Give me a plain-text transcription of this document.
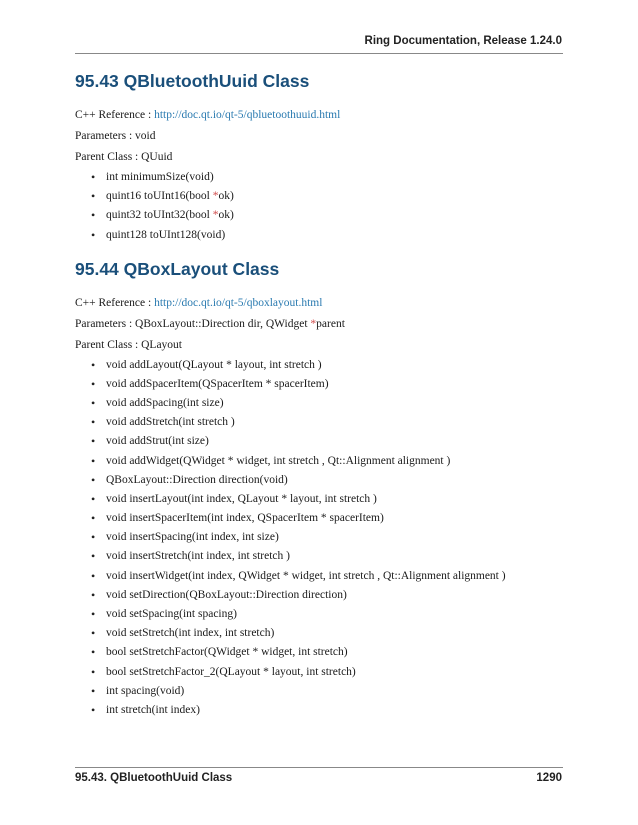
Ring Documentation, Release 1.24.0
95.43 QBluetoothUuid Class
C++ Reference : http://doc.qt.io/qt-5/qbluetoothuuid.html
Parameters : void
Parent Class : QUuid
• int minimumSize(void)
• quint16 toUInt16(bool *ok)
• quint32 toUInt32(bool *ok)
• quint128 toUInt128(void)
95.44 QBoxLayout Class
C++ Reference : http://doc.qt.io/qt-5/qboxlayout.html
Parameters : QBoxLayout::Direction dir, QWidget *parent
Parent Class : QLayout
• void addLayout(QLayout * layout, int stretch )
• void addSpacerItem(QSpacerItem * spacerItem)
• void addSpacing(int size)
• void addStretch(int stretch )
• void addStrut(int size)
• void addWidget(QWidget * widget, int stretch , Qt::Alignment alignment )
• QBoxLayout::Direction direction(void)
• void insertLayout(int index, QLayout * layout, int stretch )
• void insertSpacerItem(int index, QSpacerItem * spacerItem)
• void insertSpacing(int index, int size)
• void insertStretch(int index, int stretch )
• void insertWidget(int index, QWidget * widget, int stretch , Qt::Alignment alignment )
• void setDirection(QBoxLayout::Direction direction)
• void setSpacing(int spacing)
• void setStretch(int index, int stretch)
• bool setStretchFactor(QWidget * widget, int stretch)
• bool setStretchFactor_2(QLayout * layout, int stretch)
• int spacing(void)
• int stretch(int index)
95.43. QBluetoothUuid Class	1290
